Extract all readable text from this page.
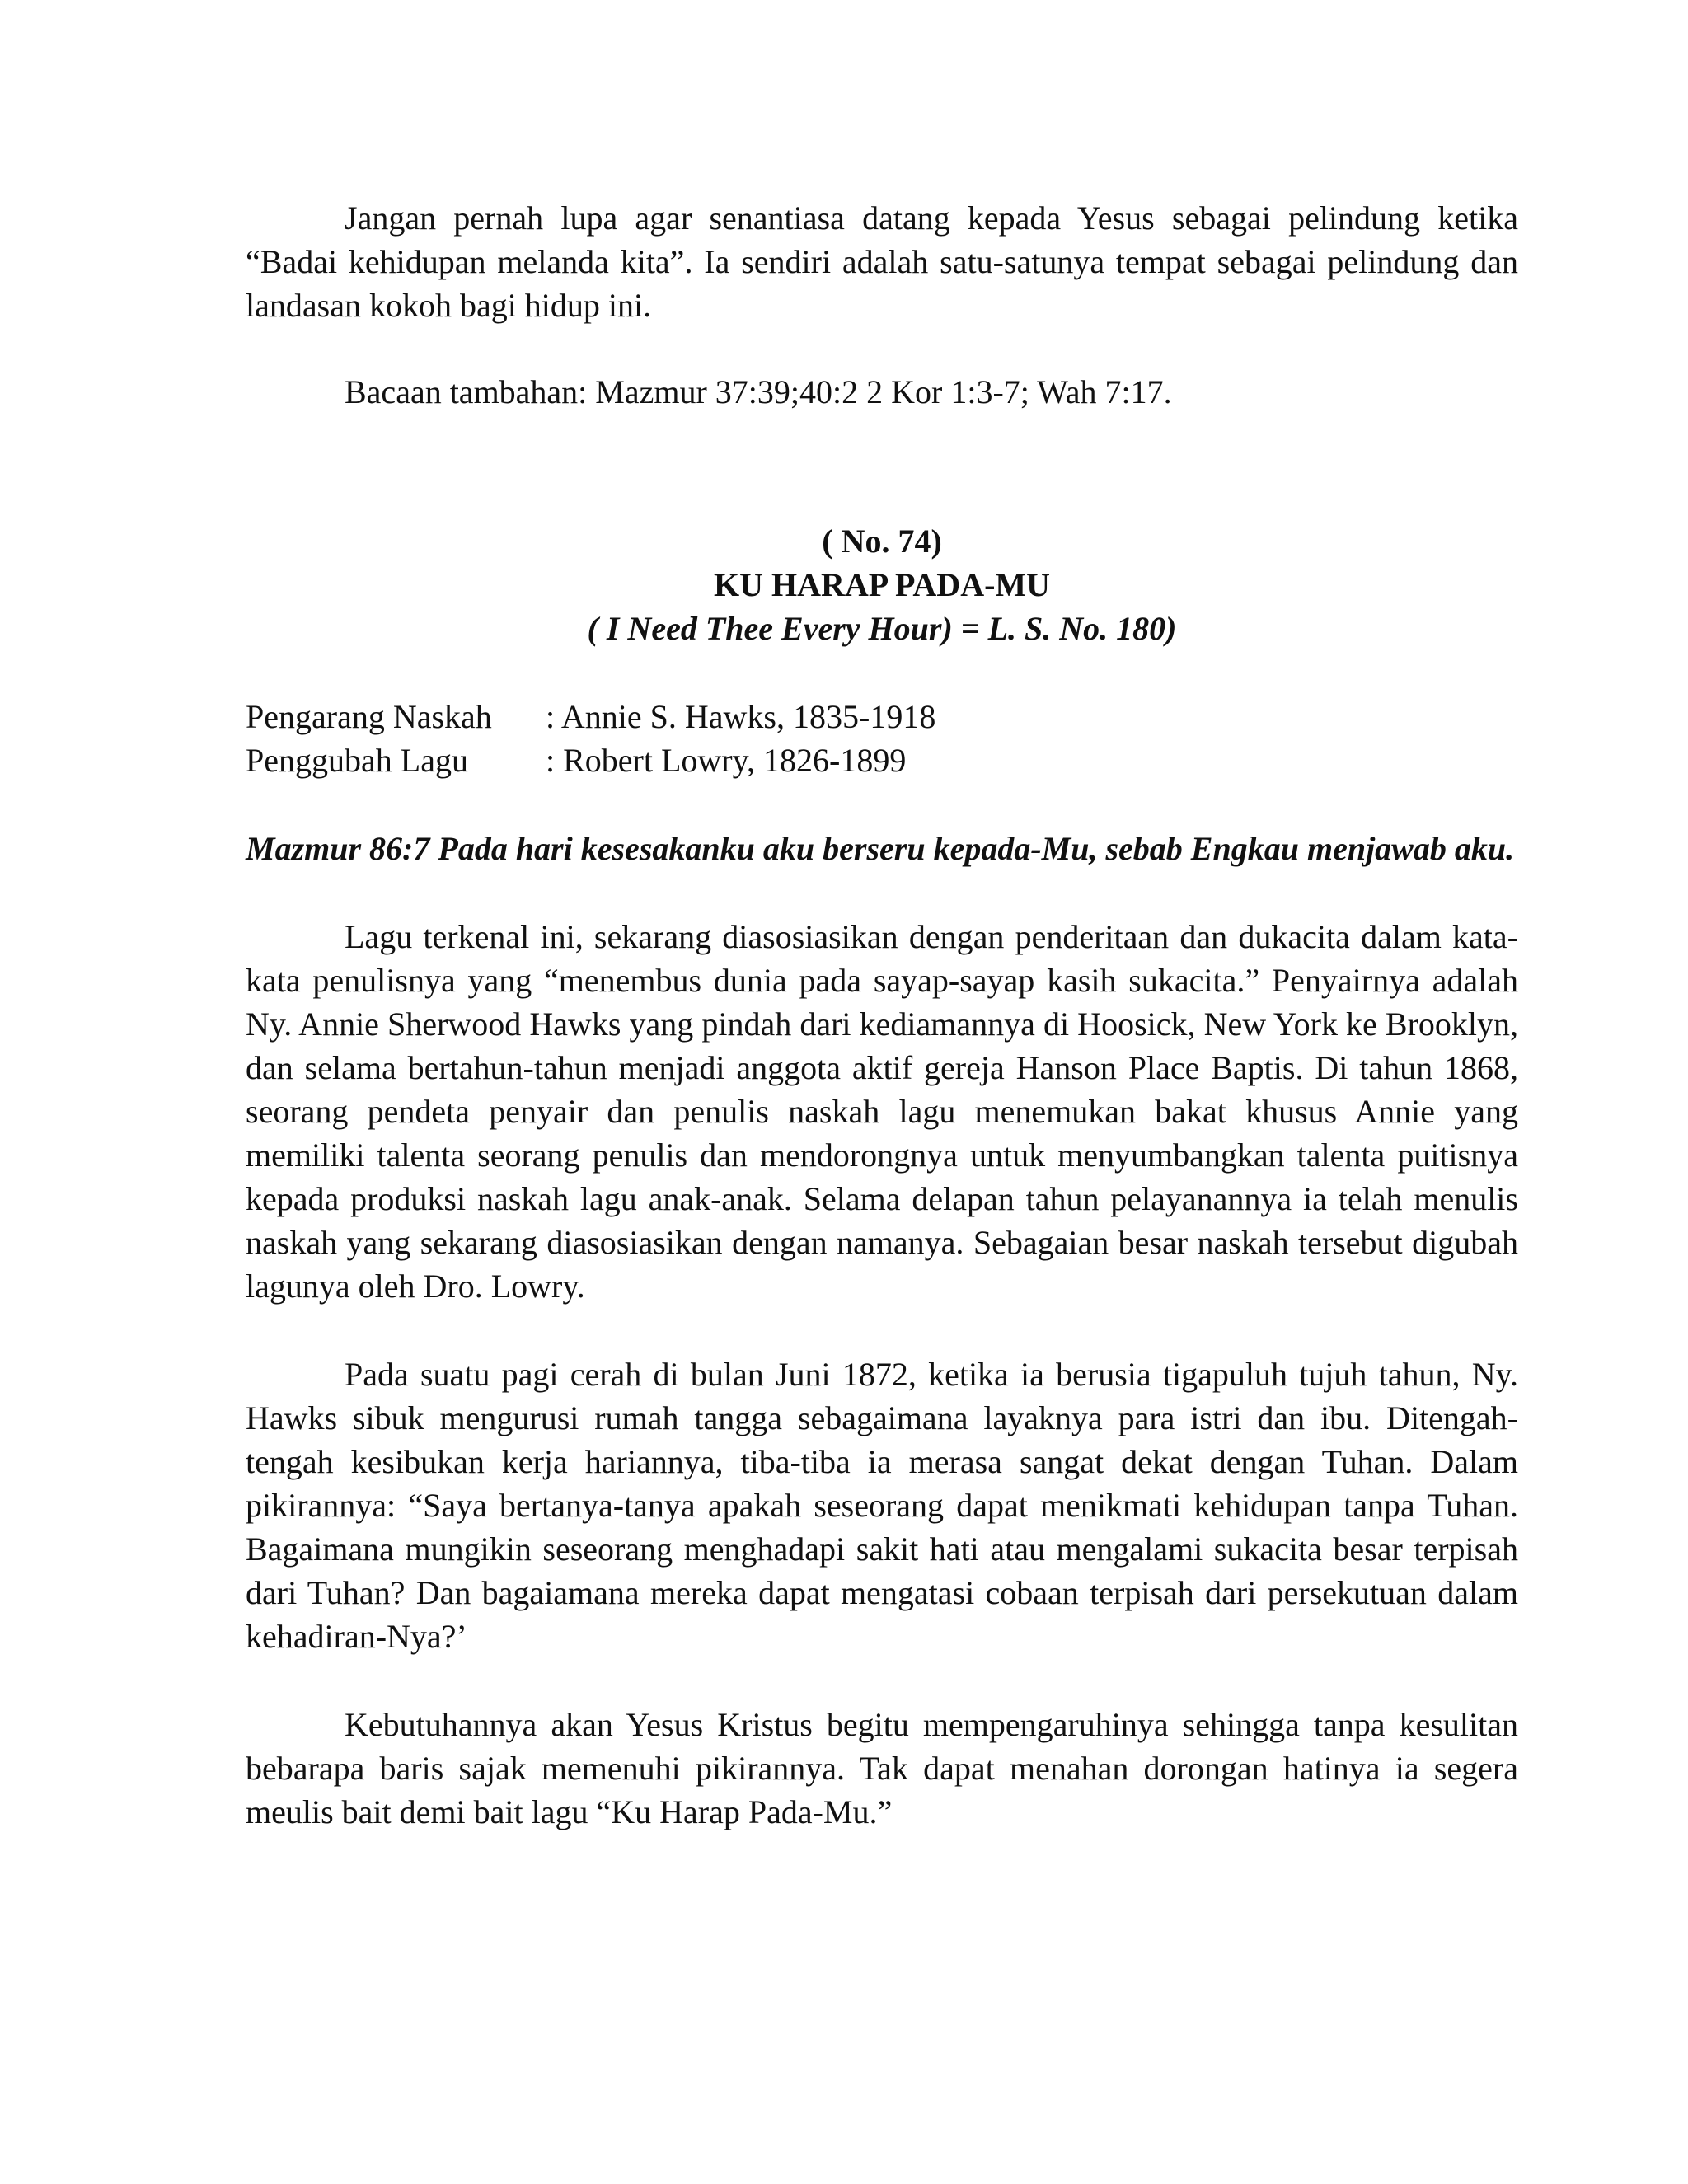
Jangan pernah lupa agar senantiasa datang kepada Yesus sebagai pelindung ketika “Badai kehidupan melanda kita”. Ia sendiri adalah satu-satunya tempat sebagai pelindung dan landasan kokoh bagi hidup ini.

Bacaan tambahan: Mazmur 37:39;40:2 2 Kor 1:3-7; Wah 7:17.

( No. 74)
KU HARAP PADA-MU
( I Need Thee Every Hour) = L. S. No. 180)
Pengarang Naskah	: Annie S. Hawks, 1835-1918
Penggubah Lagu	: Robert Lowry, 1826-1899

Mazmur 86:7 Pada hari kesesakanku aku berseru kepada-Mu, sebab Engkau menjawab aku.

Lagu terkenal ini, sekarang diasosiasikan dengan penderitaan dan dukacita dalam kata-kata penulisnya yang “menembus dunia pada sayap-sayap kasih sukacita.” Penyairnya adalah Ny. Annie Sherwood Hawks yang pindah dari kediamannya di Hoosick, New York ke Brooklyn, dan selama bertahun-tahun menjadi anggota aktif gereja Hanson Place Baptis. Di tahun 1868, seorang pendeta penyair dan penulis naskah lagu menemukan bakat khusus Annie yang memiliki talenta seorang penulis dan mendorongnya untuk menyumbangkan talenta puitisnya kepada produksi naskah lagu anak-anak. Selama delapan tahun pelayanannya ia telah menulis naskah yang sekarang diasosiasikan dengan namanya. Sebagaian besar naskah tersebut digubah lagunya oleh Dro. Lowry.

Pada suatu pagi cerah di bulan Juni 1872, ketika ia berusia tigapuluh tujuh tahun, Ny. Hawks sibuk mengurusi rumah tangga sebagaimana layaknya para istri dan ibu. Ditengah-tengah kesibukan kerja hariannya, tiba-tiba ia merasa sangat dekat dengan Tuhan. Dalam pikirannya: “Saya bertanya-tanya apakah seseorang dapat menikmati kehidupan tanpa Tuhan. Bagaimana mungikin seseorang menghadapi sakit hati atau mengalami sukacita besar terpisah dari Tuhan? Dan bagaiamana mereka dapat mengatasi cobaan terpisah dari persekutuan dalam kehadiran-Nya?’

Kebutuhannya akan Yesus Kristus begitu mempengaruhinya sehingga tanpa kesulitan bebarapa baris sajak memenuhi pikirannya. Tak dapat menahan dorongan hatinya ia segera meulis bait demi bait lagu “Ku Harap Pada-Mu.”
